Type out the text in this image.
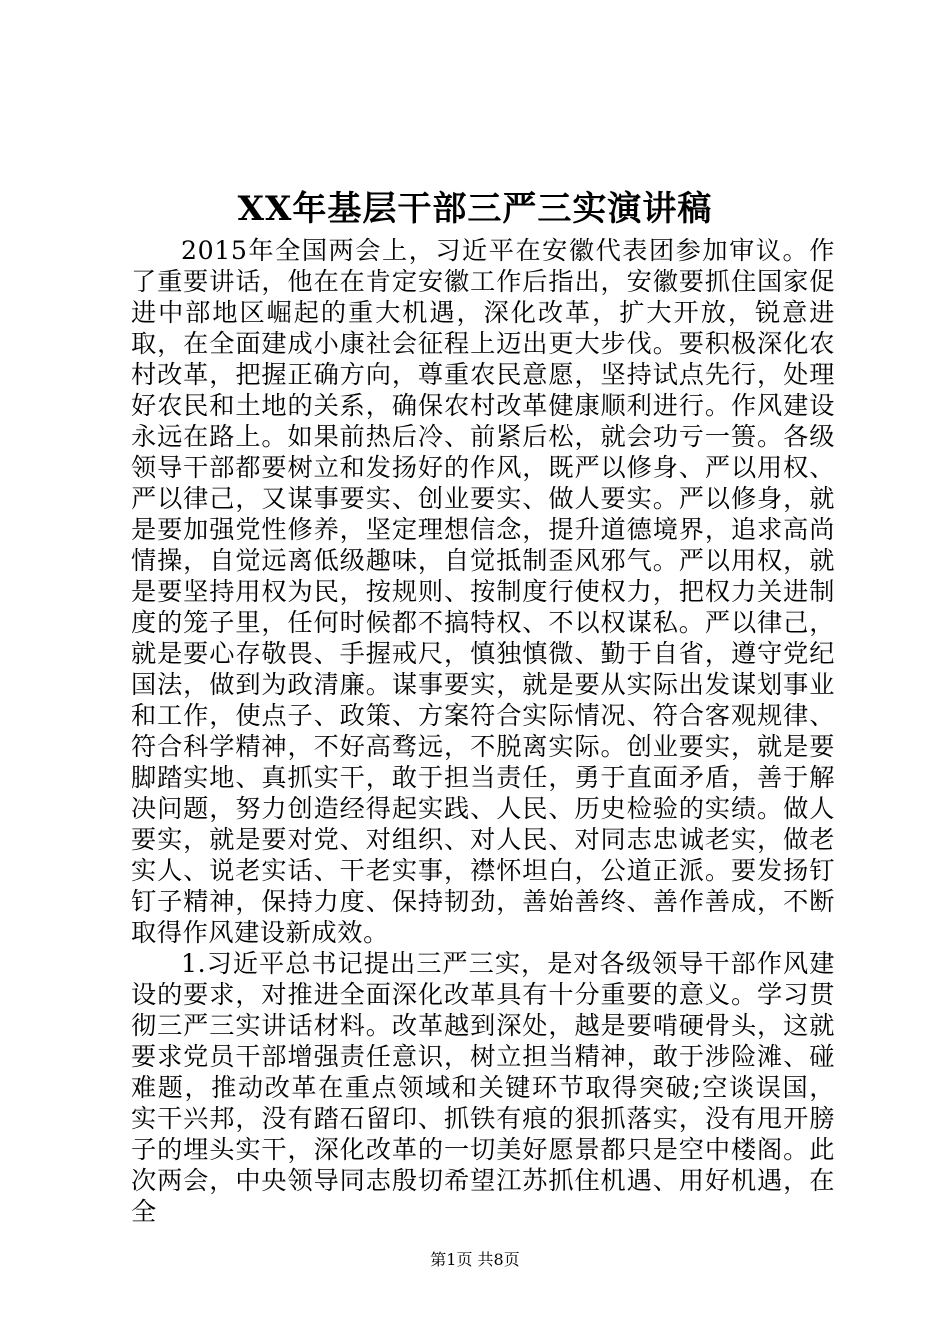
XX年基层干部三严三实演讲稿

2015年全国两会上，习近平在安徽代表团参加审议。作了重要讲话，他在在肯定安徽工作后指出，安徽要抓住国家促进中部地区崛起的重大机遇，深化改革，扩大开放，锐意进取，在全面建成小康社会征程上迈出更大步伐。要积极深化农村改革，把握正确方向，尊重农民意愿，坚持试点先行，处理好农民和土地的关系，确保农村改革健康顺利进行。作风建设永远在路上。如果前热后冷、前紧后松，就会功亏一篑。各级领导干部都要树立和发扬好的作风，既严以修身、严以用权、严以律己，又谋事要实、创业要实、做人要实。严以修身，就是要加强党性修养，坚定理想信念，提升道德境界，追求高尚情操，自觉远离低级趣味，自觉抵制歪风邪气。严以用权，就是要坚持用权为民，按规则、按制度行使权力，把权力关进制度的笼子里，任何时候都不搞特权、不以权谋私。严以律己，就是要心存敬畏、手握戒尺，慎独慎微、勤于自省，遵守党纪国法，做到为政清廉。谋事要实，就是要从实际出发谋划事业和工作，使点子、政策、方案符合实际情况、符合客观规律、符合科学精神，不好高骛远，不脱离实际。创业要实，就是要脚踏实地、真抓实干，敢于担当责任，勇于直面矛盾，善于解决问题，努力创造经得起实践、人民、历史检验的实绩。做人要实，就是要对党、对组织、对人民、对同志忠诚老实，做老实人、说老实话、干老实事，襟怀坦白，公道正派。要发扬钉钉子精神，保持力度、保持韧劲，善始善终、善作善成，不断取得作风建设新成效。

1.习近平总书记提出三严三实，是对各级领导干部作风建设的要求，对推进全面深化改革具有十分重要的意义。学习贯彻三严三实讲话材料。改革越到深处，越是要啃硬骨头，这就要求党员干部增强责任意识，树立担当精神，敢于涉险滩、碰难题，推动改革在重点领域和关键环节取得突破;空谈误国，实干兴邦，没有踏石留印、抓铁有痕的狠抓落实，没有甩开膀子的埋头实干，深化改革的一切美好愿景都只是空中楼阁。此次两会，中央领导同志殷切希望江苏抓住机遇、用好机遇，在全

第1页 共8页
